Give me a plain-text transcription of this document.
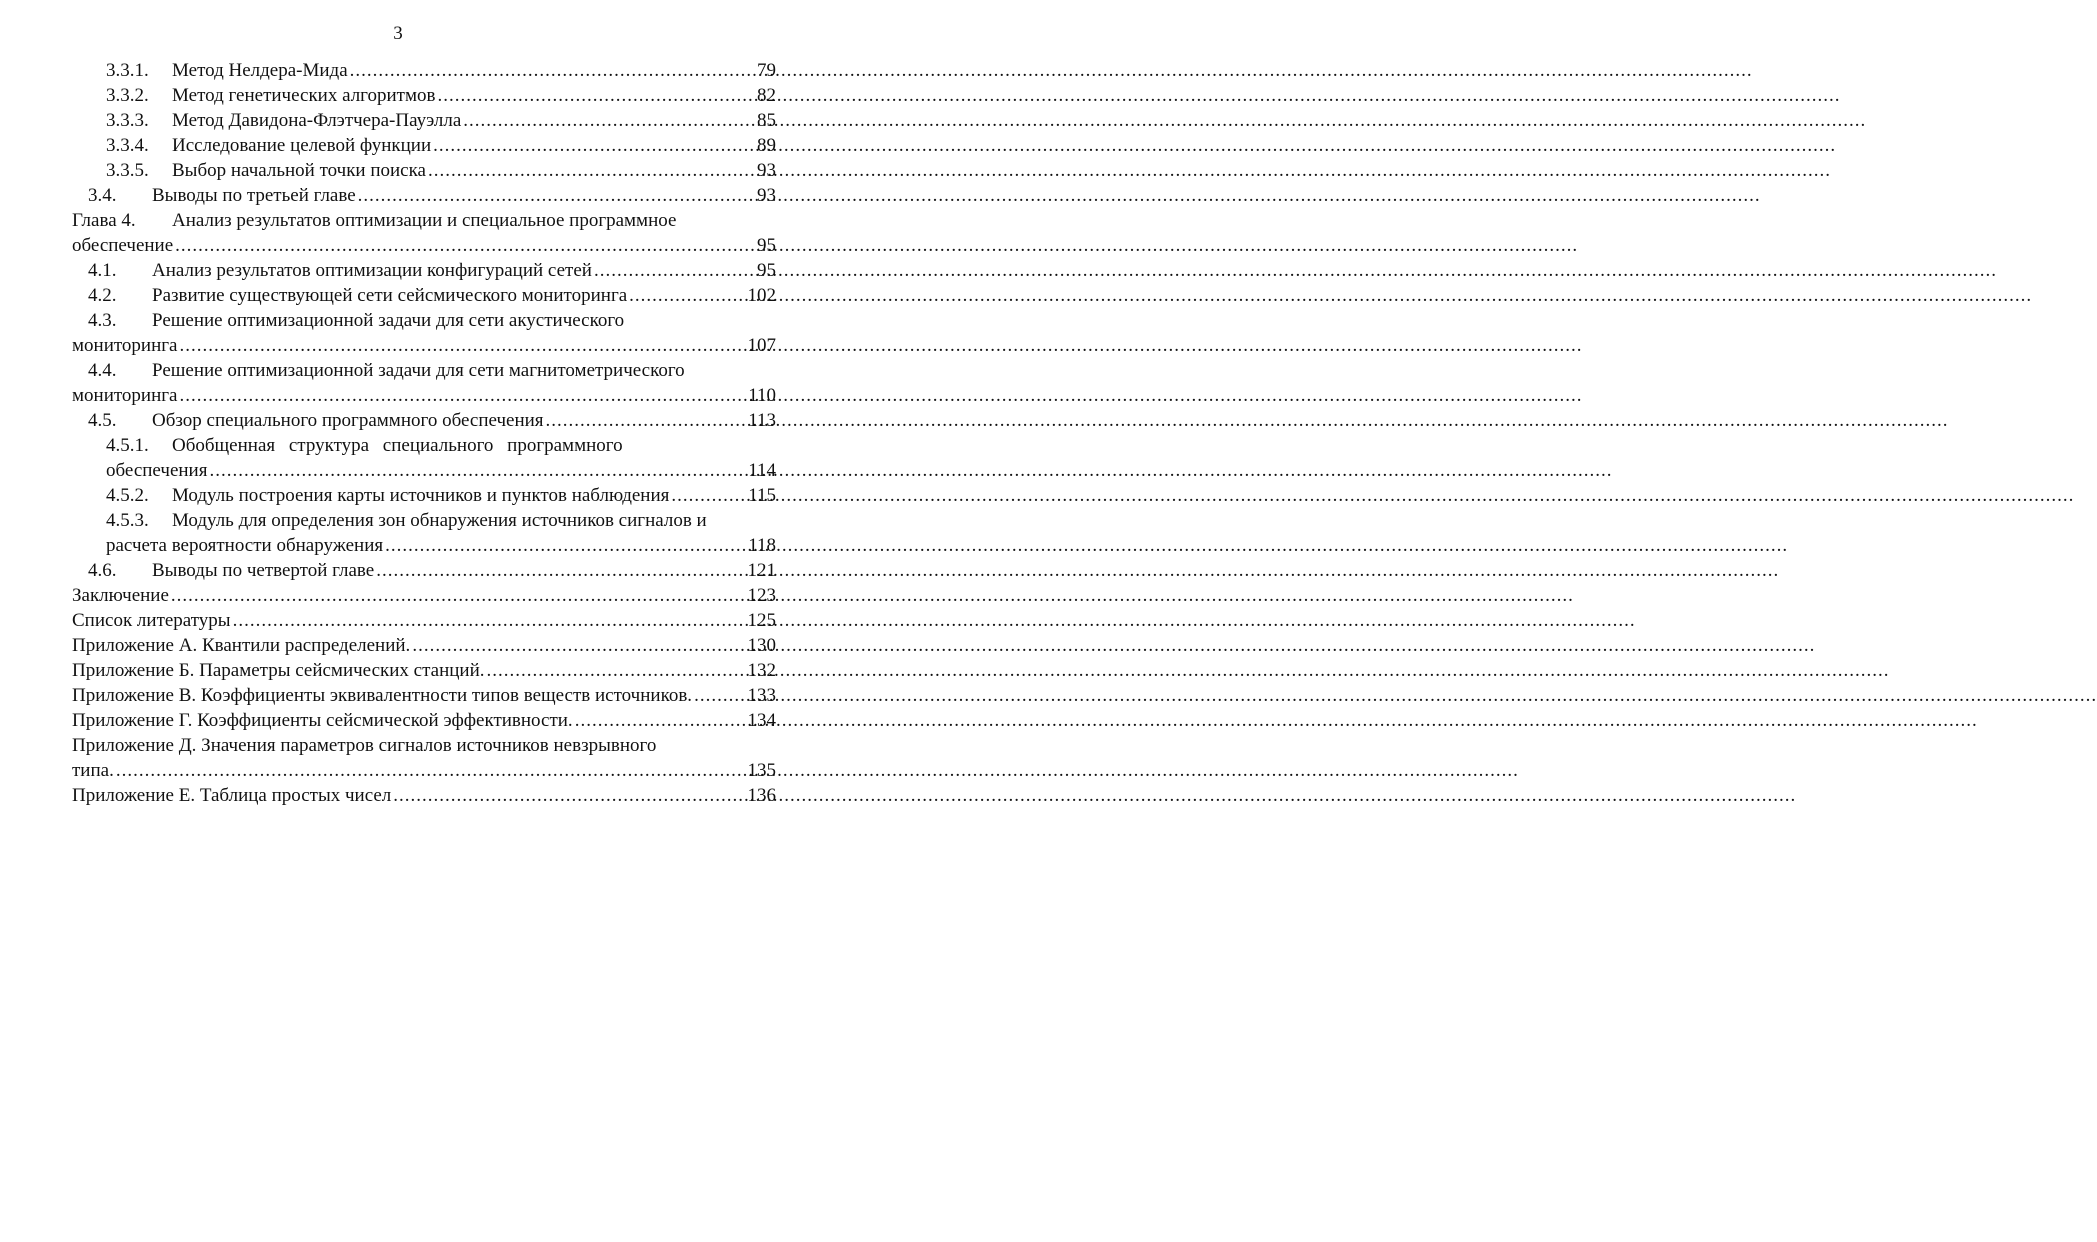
3
3.3.1.	Метод Нелдера-Мида .....	79
3.3.2.	Метод генетических алгоритмов .....	82
3.3.3.	Метод Давидона-Флэтчера-Пауэлла .....	85
3.3.4.	Исследование целевой функции .....	89
3.3.5.	Выбор начальной точки поиска .....	93
3.4.	Выводы по третьей главе .....	93
Глава 4.	Анализ результатов оптимизации и специальное программное
обеспечение .....	95
4.1.	Анализ результатов оптимизации конфигураций сетей .....	95
4.2.	Развитие существующей сети сейсмического мониторинга .....	102
4.3.	Решение оптимизационной задачи для сети акустического
мониторинга .....	107
4.4.	Решение оптимизационной задачи для сети магнитометрического
мониторинга .....	110
4.5.	Обзор специального программного обеспечения .....	113
4.5.1.	Обобщенная структура специального программного
обеспечения .....	114
4.5.2.	Модуль построения карты источников и пунктов наблюдения .....	115
4.5.3.	Модуль для определения зон обнаружения источников сигналов и
расчета вероятности обнаружения .....	118
4.6.	Выводы по четвертой главе .....	121
Заключение .....	123
Список литературы .....	125
Приложение А. Квантили распределений. .....	130
Приложение Б. Параметры сейсмических станций. .....	132
Приложение В. Коэффициенты эквивалентности типов веществ источников. .....	133
Приложение Г. Коэффициенты сейсмической эффективности. .....	134
Приложение Д. Значения параметров сигналов источников невзрывного
типа. .....	135
Приложение Е. Таблица простых чисел .....	136
